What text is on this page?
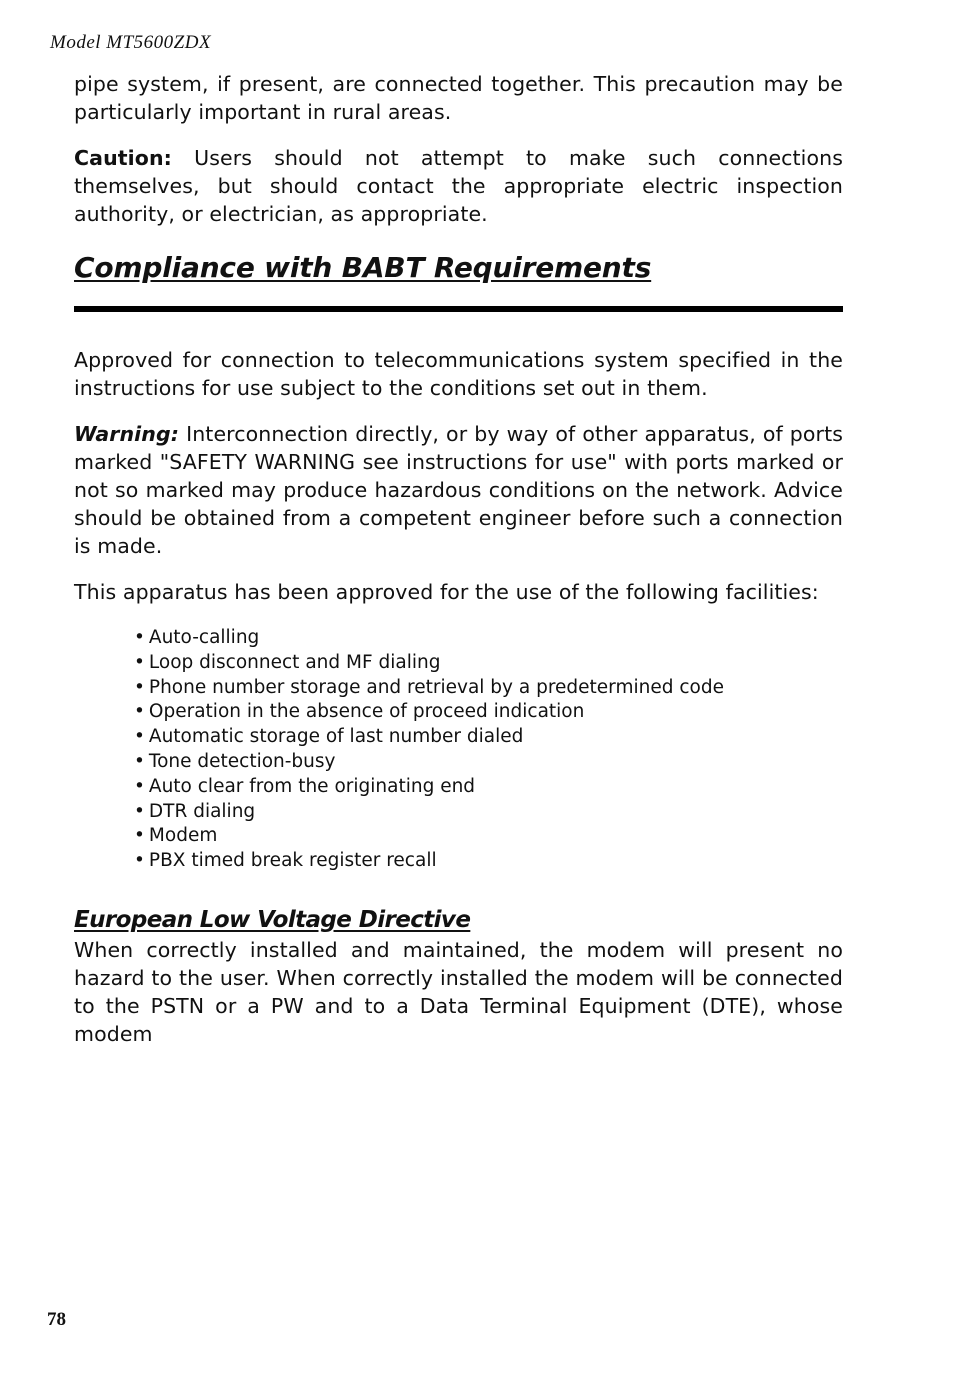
Model MT5600ZDX

pipe system, if present, are connected together. This precaution may be particularly important in rural areas.

Caution: Users should not attempt to make such connections themselves, but should contact the appropriate electric inspection authority, or electrician, as appropriate.

Compliance with BABT Requirements

Approved for connection to telecommunications system specified in the instructions for use subject to the conditions set out in them.

Warning: Interconnection directly, or by way of other apparatus, of ports marked "SAFETY WARNING see instructions for use" with ports marked or not so marked may produce hazardous conditions on the network. Advice should be obtained from a competent engineer before such a connection is made.

This apparatus has been approved for the use of the following facilities:

• Auto-calling
• Loop disconnect and MF dialing
• Phone number storage and retrieval by a predetermined code
• Operation in the absence of proceed indication
• Automatic storage of last number dialed
• Tone detection-busy
• Auto clear from the originating end
• DTR dialing
• Modem
• PBX timed break register recall
European Low Voltage Directive

When correctly installed and maintained, the modem will present no hazard to the user. When correctly installed the modem will be connected to the PSTN or a PW and to a Data Terminal Equipment (DTE), whose modem

78
